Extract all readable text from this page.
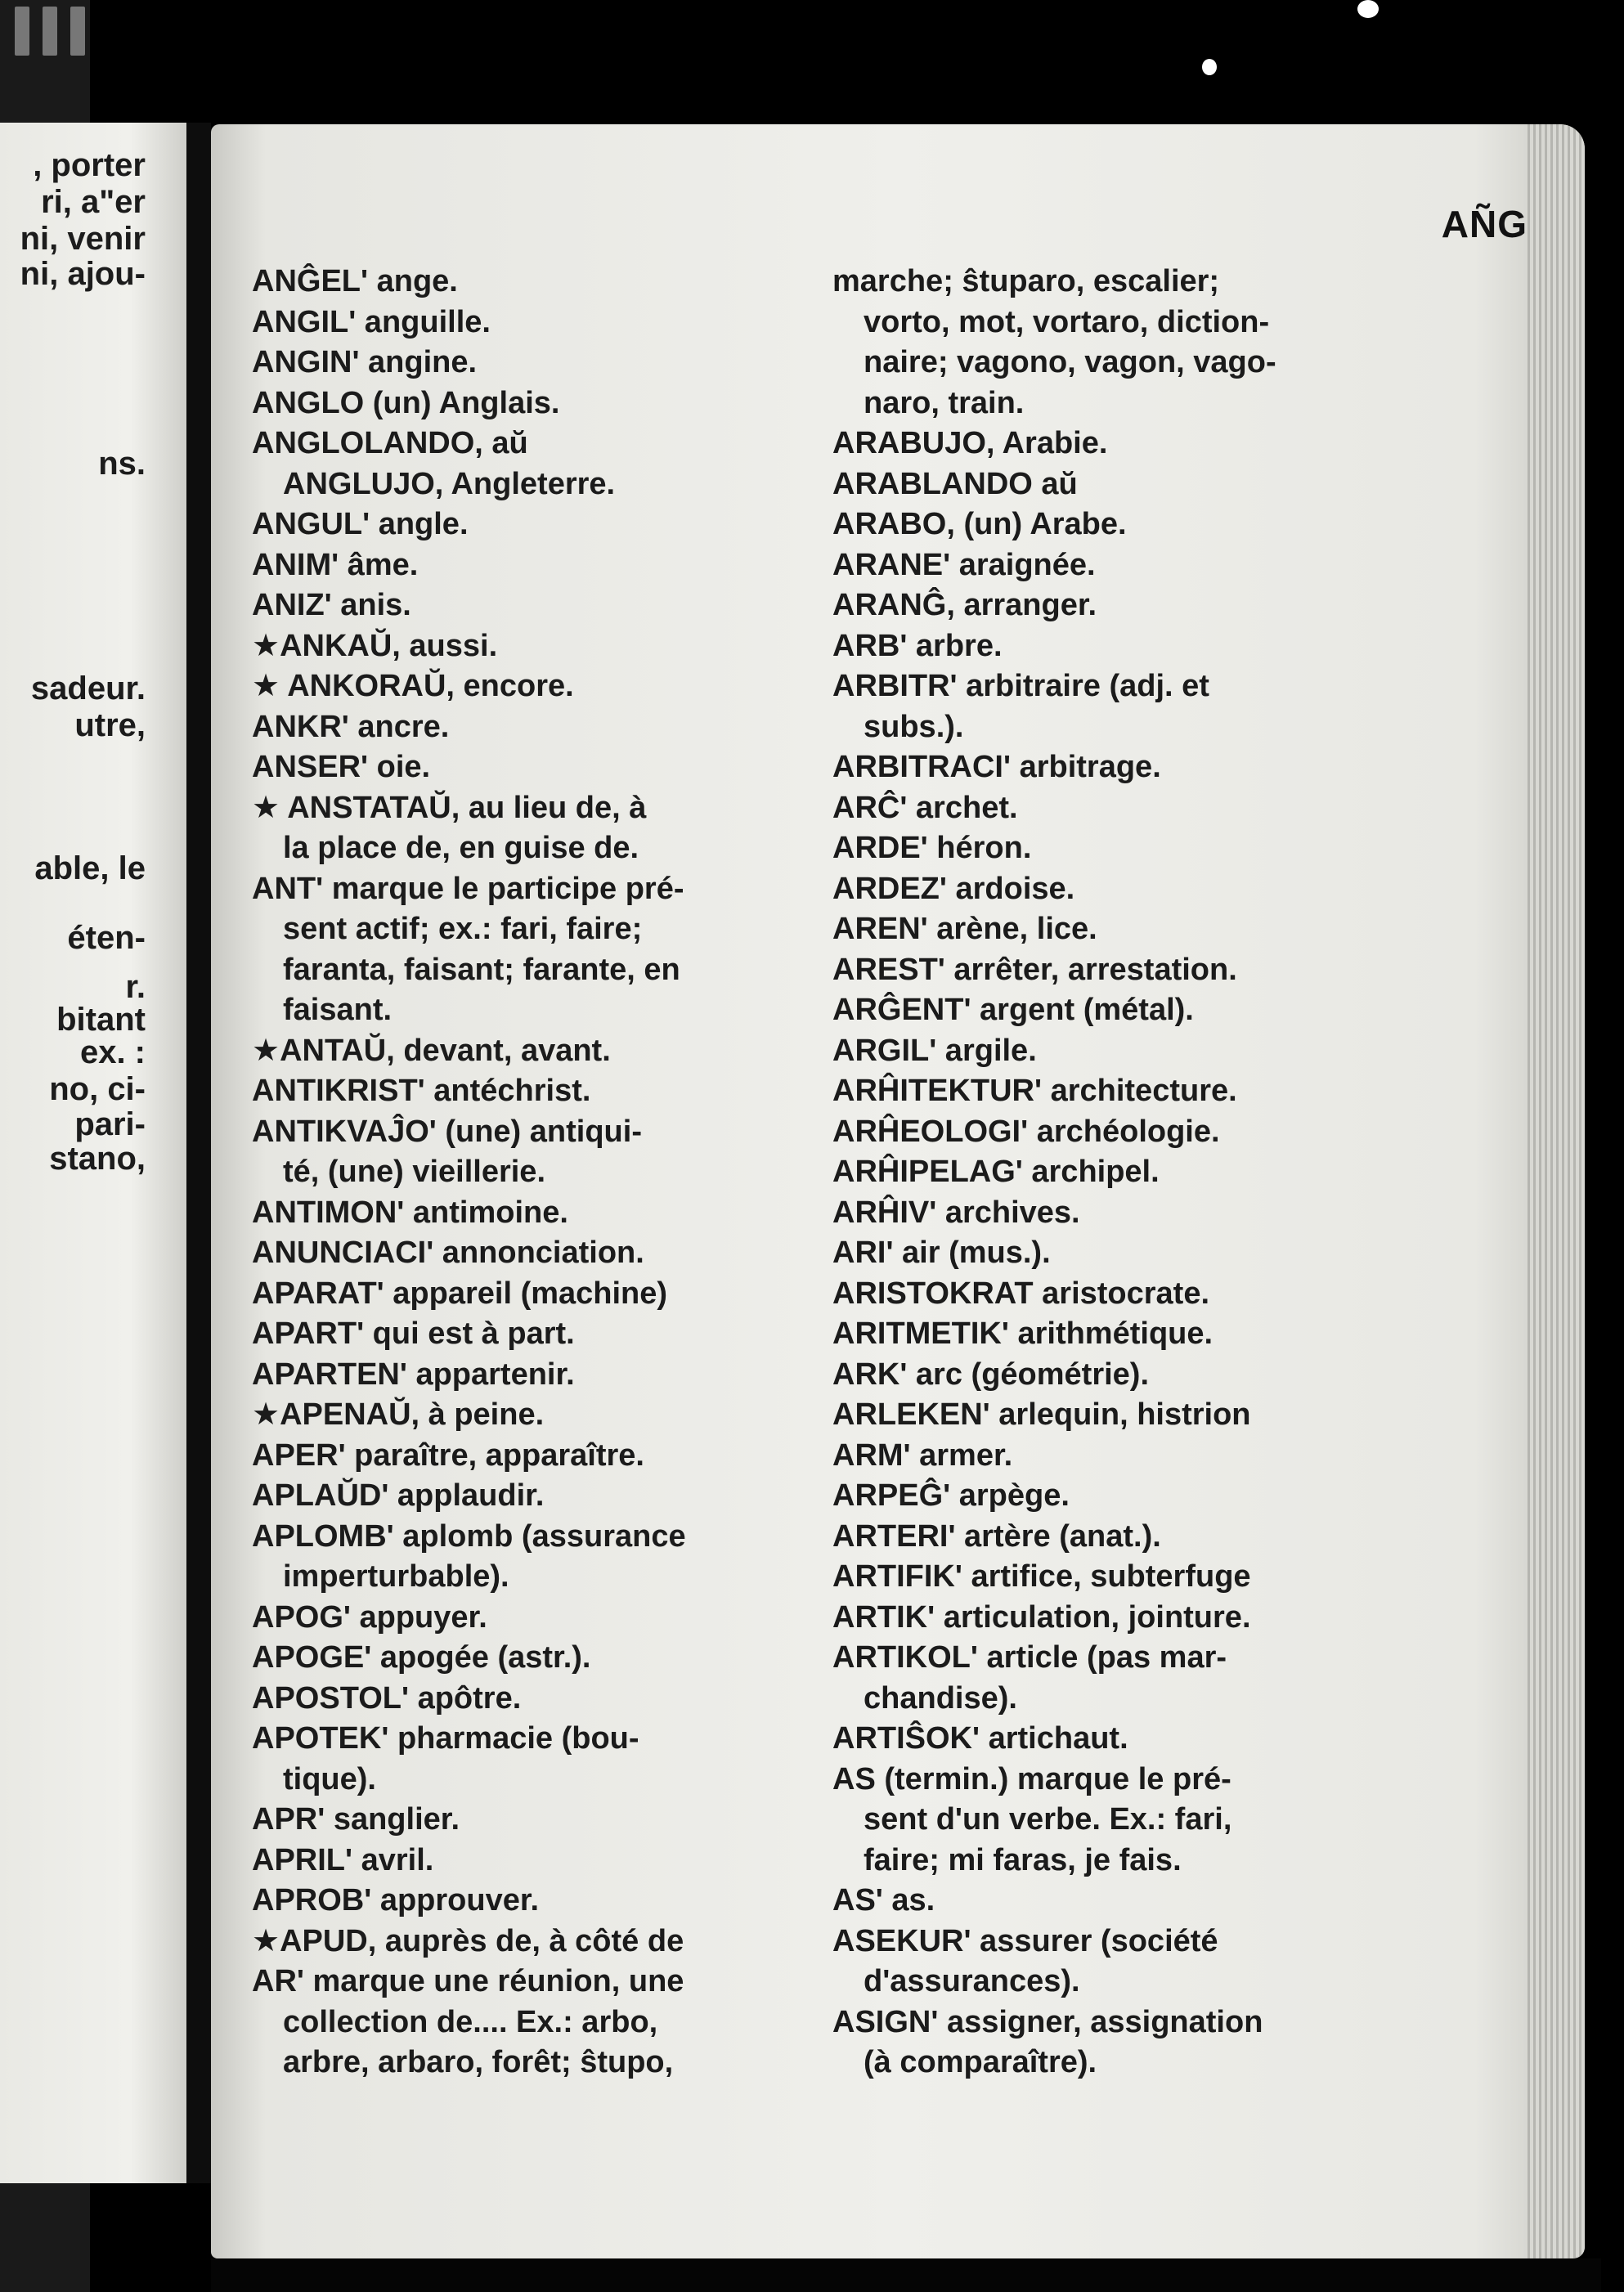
, porter
ri, a"er
ni, venir
ni, ajou-
ns.
sadeur.
utre,
able, le
éten-
r.
bitant
ex. :
no, ci-
pari-
stano,
AÑG
ANĜEL' ange.
ANGIL' anguille.
ANGIN' angine.
ANGLO (un) Anglais.
ANGLOLANDO, aŭ
ANGLUJO, Angleterre.
ANGUL' angle.
ANIM' âme.
ANIZ' anis.
★ANKAŬ, aussi.
★ ANKORAŬ, encore.
ANKR' ancre.
ANSER' oie.
★ ANSTATAŬ, au lieu de, à
la place de, en guise de.
ANT' marque le participe pré-
sent actif; ex.: fari, faire;
faranta, faisant; farante, en
faisant.
★ANTAŬ, devant, avant.
ANTIKRIST' antéchrist.
ANTIKVAĴO' (une) antiqui-
té, (une) vieillerie.
ANTIMON' antimoine.
ANUNCIACI' annonciation.
APARAT' appareil (machine)
APART' qui est à part.
APARTEN' appartenir.
★APENAŬ, à peine.
APER' paraître, apparaître.
APLAŬD' applaudir.
APLOMB' aplomb (assurance
imperturbable).
APOG' appuyer.
APOGE' apogée (astr.).
APOSTOL' apôtre.
APOTEK' pharmacie (bou-
tique).
APR' sanglier.
APRIL' avril.
APROB' approuver.
★APUD, auprès de, à côté de
AR' marque une réunion, une
collection de.... Ex.: arbo,
arbre, arbaro, forêt; ŝtupo,
marche; ŝtuparo, escalier;
vorto, mot, vortaro, diction-
naire; vagono, vagon, vago-
naro, train.
ARABUJO, Arabie.
ARABLANDO aŭ
ARABO, (un) Arabe.
ARANE' araignée.
ARANĜ, arranger.
ARB' arbre.
ARBITR' arbitraire (adj. et
subs.).
ARBITRACI' arbitrage.
ARĈ' archet.
ARDE' héron.
ARDEZ' ardoise.
AREN' arène, lice.
AREST' arrêter, arrestation.
ARĜENT' argent (métal).
ARGIL' argile.
ARĤITEKTUR' architecture.
ARĤEOLOGI' archéologie.
ARĤIPELAG' archipel.
ARĤIV' archives.
ARI' air (mus.).
ARISTOKRAT aristocrate.
ARITMETIK' arithmétique.
ARK' arc (géométrie).
ARLEKEN' arlequin, histrion
ARM' armer.
ARPEĜ' arpège.
ARTERI' artère (anat.).
ARTIFIK' artifice, subterfuge
ARTIK' articulation, jointure.
ARTIKOL' article (pas mar-
chandise).
ARTIŜOK' artichaut.
AS (termin.) marque le pré-
sent d'un verbe. Ex.: fari,
faire; mi faras, je fais.
AS' as.
ASEKUR' assurer (société
d'assurances).
ASIGN' assigner, assignation
(à comparaître).
